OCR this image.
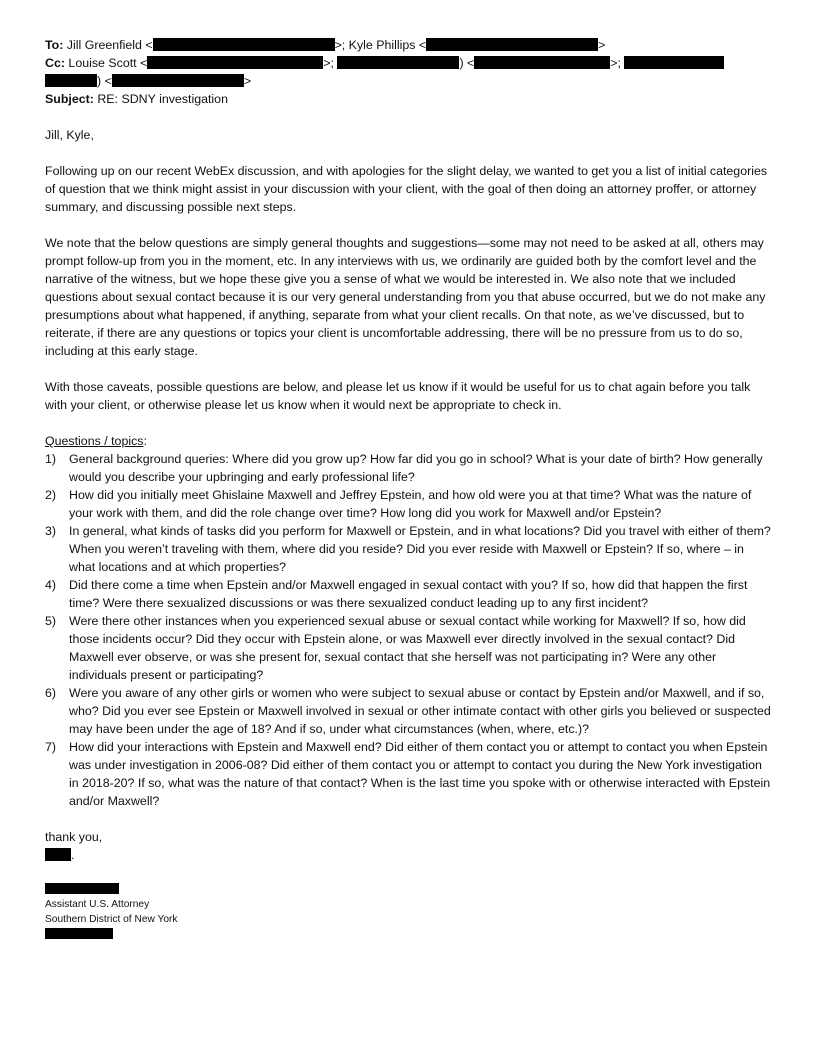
To: Jill Greenfield <	>; Kyle Phillips <	>
Cc: Louise Scott <	>;	) <	>;
) <	>
Subject: RE: SDNY investigation

Jill, Kyle,

Following up on our recent WebEx discussion, and with apologies for the slight delay, we wanted to get you a list of initial categories of question that we think might assist in your discussion with your client, with the goal of then doing an attorney proffer, or attorney summary, and discussing possible next steps.

We note that the below questions are simply general thoughts and suggestions—some may not need to be asked at all, others may prompt follow-up from you in the moment, etc. In any interviews with us, we ordinarily are guided both by the comfort level and the narrative of the witness, but we hope these give you a sense of what we would be interested in. We also note that we included questions about sexual contact because it is our very general understanding from you that abuse occurred, but we do not make any presumptions about what happened, if anything, separate from what your client recalls. On that note, as we’ve discussed, but to reiterate, if there are any questions or topics your client is uncomfortable addressing, there will be no pressure from us to do so, including at this early stage.

With those caveats, possible questions are below, and please let us know if it would be useful for us to chat again before you talk with your client, or otherwise please let us know when it would next be appropriate to check in.

Questions / topics:

1) General background queries: Where did you grow up? How far did you go in school? What is your date of birth? How generally would you describe your upbringing and early professional life?
2) How did you initially meet Ghislaine Maxwell and Jeffrey Epstein, and how old were you at that time? What was the nature of your work with them, and did the role change over time? How long did you work for Maxwell and/or Epstein?
3) In general, what kinds of tasks did you perform for Maxwell or Epstein, and in what locations? Did you travel with either of them? When you weren’t traveling with them, where did you reside? Did you ever reside with Maxwell or Epstein? If so, where – in what locations and at which properties?
4) Did there come a time when Epstein and/or Maxwell engaged in sexual contact with you? If so, how did that happen the first time? Were there sexualized discussions or was there sexualized conduct leading up to any first incident?
5) Were there other instances when you experienced sexual abuse or sexual contact while working for Maxwell? If so, how did those incidents occur? Did they occur with Epstein alone, or was Maxwell ever directly involved in the sexual contact? Did Maxwell ever observe, or was she present for, sexual contact that she herself was not participating in? Were any other individuals present or participating?
6) Were you aware of any other girls or women who were subject to sexual abuse or contact by Epstein and/or Maxwell, and if so, who? Did you ever see Epstein or Maxwell involved in sexual or other intimate contact with other girls you believed or suspected may have been under the age of 18? And if so, under what circumstances (when, where, etc.)?
7) How did your interactions with Epstein and Maxwell end? Did either of them contact you or attempt to contact you when Epstein was under investigation in 2006-08? Did either of them contact you or attempt to contact you during the New York investigation in 2018-20? If so, what was the nature of that contact? When is the last time you spoke with or otherwise interacted with Epstein and/or Maxwell?

thank you,

.

Assistant U.S. Attorney
Southern District of New York
